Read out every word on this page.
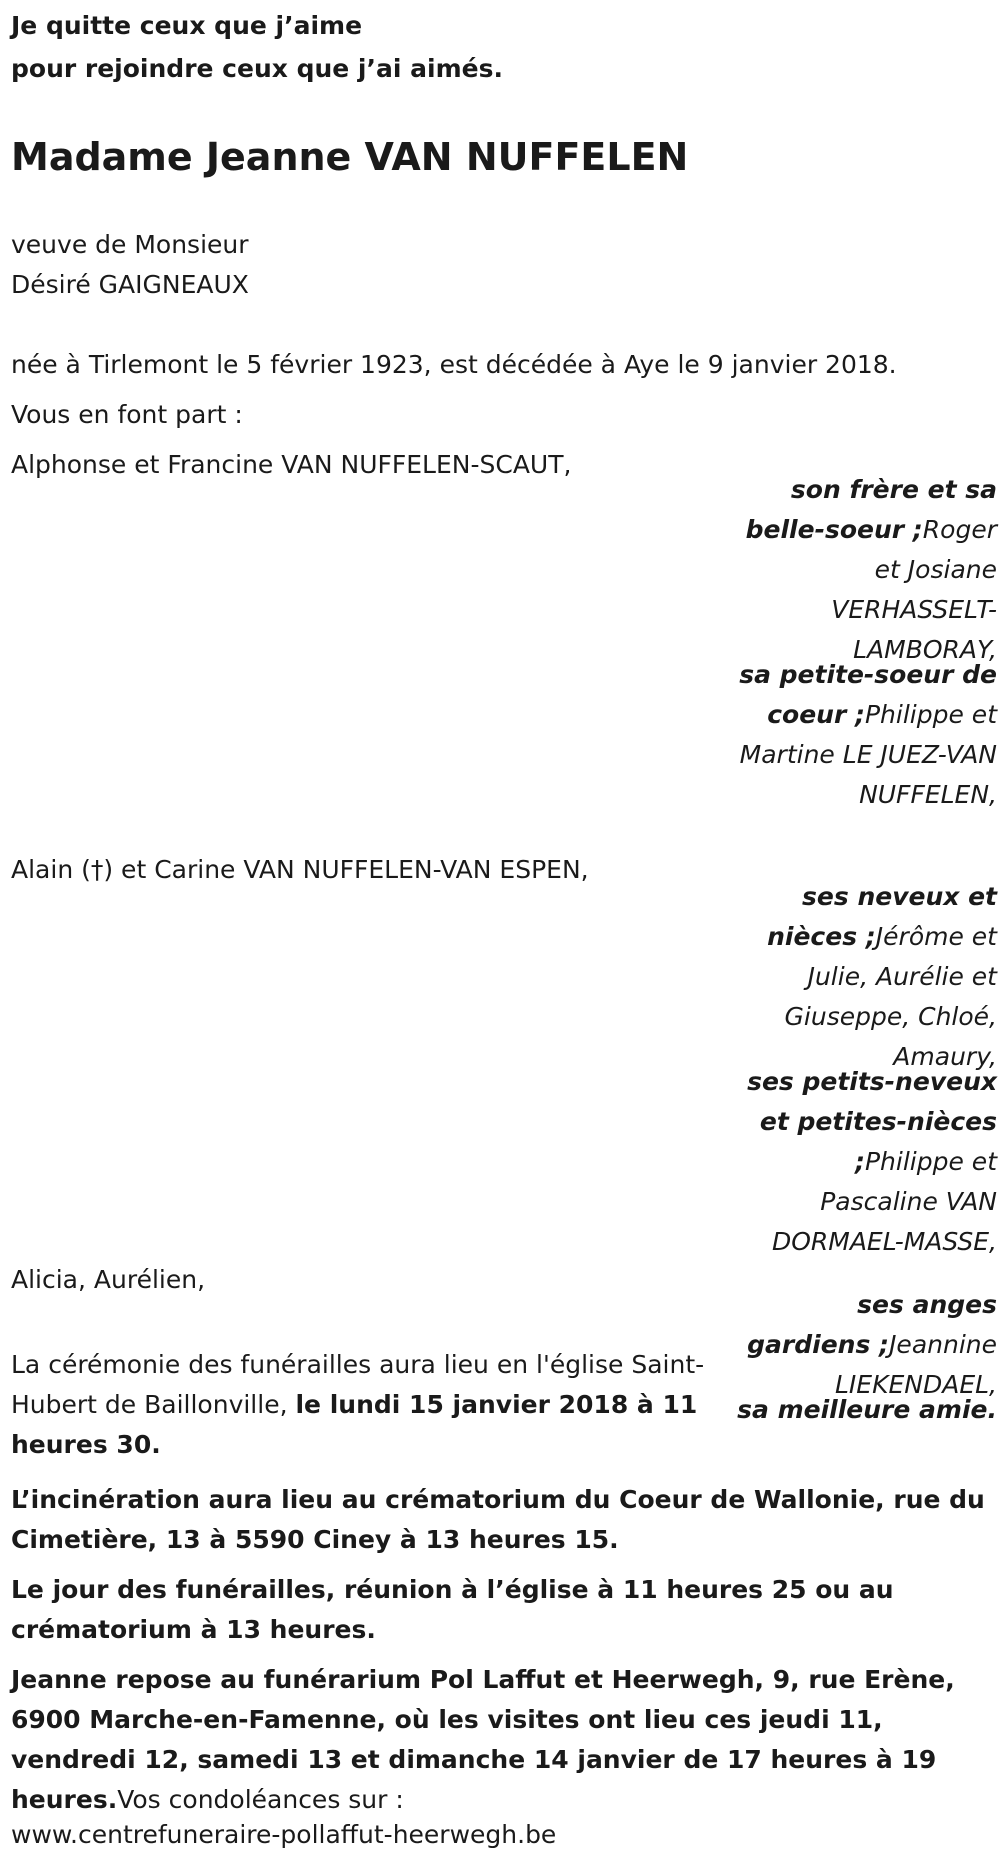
Je quitte ceux que j’aime

pour rejoindre ceux que j’ai aimés.

Madame Jeanne VAN NUFFELEN

veuve de Monsieur

Désiré GAIGNEAUX

née à Tirlemont le 5 février 1923, est décédée à Aye le 9 janvier 2018.

Vous en font part :

Alphonse et Francine VAN NUFFELEN-SCAUT,

Alain (†) et Carine VAN NUFFELEN-VAN ESPEN,

Alicia, Aurélien,

son frère et sa belle-soeur ;Roger et Josiane VERHASSELT-LAMBORAY,

sa petite-soeur de coeur ;Philippe et Martine LE JUEZ-VAN NUFFELEN,

ses neveux et nièces ;Jérôme et Julie, Aurélie et Giuseppe, Chloé, Amaury,

ses petits-neveux et petites-nièces ;Philippe et Pascaline VAN DORMAEL-MASSE,

ses anges gardiens ;Jeannine LIEKENDAEL,

sa meilleure amie.

La cérémonie des funérailles aura lieu en l'église Saint-Hubert de Baillonville, le lundi 15 janvier 2018 à 11 heures 30.

L’incinération aura lieu au crématorium du Coeur de Wallonie, rue du Cimetière, 13 à 5590 Ciney à 13 heures 15.

Le jour des funérailles, réunion à l’église à 11 heures 25 ou au crématorium à 13 heures.

Jeanne repose au funérarium Pol Laffut et Heerwegh, 9, rue Erène, 6900 Marche-en-Famenne, où les visites ont lieu ces jeudi 11, vendredi 12, samedi 13 et dimanche 14 janvier de 17 heures à 19 heures.Vos condoléances sur :

www.centrefuneraire-pollaffut-heerwegh.be
